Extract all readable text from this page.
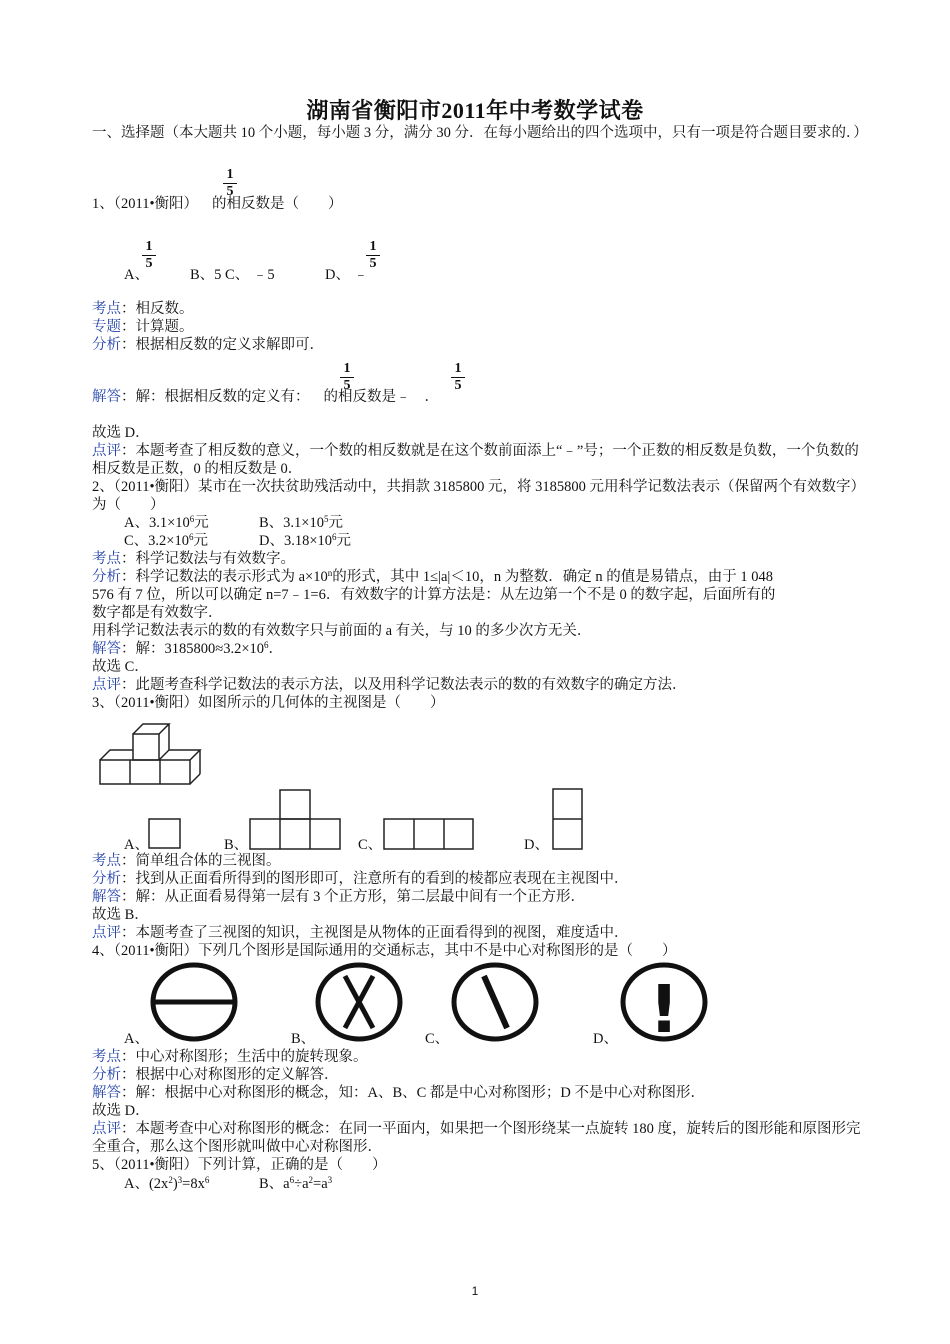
湖南省衡阳市2011年中考数学试卷
一、选择题（本大题共 10 个小题，每小题 3 分，满分 30 分．在每小题给出的四个选项中，只有一项是符合题目要求的．）
1
5
1、（2011•衡阳） 的相反数是（　　）
1
5
A、	B、5 C、 ﹣5	D、 ﹣
1
5
考点：相反数。
专题：计算题。
分析：根据相反数的定义求解即可．
1
5
1
5
解答：解：根据相反数的定义有： 的相反数是﹣ ．
故选 D．
点评：本题考查了相反数的意义，一个数的相反数就是在这个数前面添上“﹣”号；一个正数的相反数是负数，一个负数的相反数是正数，0 的相反数是 0．
2、（2011•衡阳）某市在一次扶贫助残活动中，共捐款 3185800 元，将 3185800 元用科学记数法表示（保留两个有效数字）为（　　）
A、$3.1\times 10^6$元	B、$3.1\times 10^5$元
C、$3.2\times 10^6$元	D、$3.18\times 10^6$元
考点：科学记数法与有效数字。
分析：科学记数法的表示形式为 $a\times 10^n$的形式，其中 1≤|a|＜10，n 为整数．确定 n 的值是易错点，由于 1 048
576 有 7 位，所以可以确定 n=7﹣1=6．有效数字的计算方法是：从左边第一个不是 0 的数字起，后面所有的
数字都是有效数字．
用科学记数法表示的数的有效数字只与前面的 a 有关，与 10 的多少次方无关．
解答：解：$3185800\approx 3.2\times 10^6$．
故选 C．
点评：此题考查科学记数法的表示方法，以及用科学记数法表示的数的有效数字的确定方法．
3、（2011•衡阳）如图所示的几何体的主视图是（　　）
A、	B、	C、	D、
考点：简单组合体的三视图。
分析：找到从正面看所得到的图形即可，注意所有的看到的棱都应表现在主视图中．
解答：解：从正面看易得第一层有 3 个正方形，第二层最中间有一个正方形．
故选 B．
点评：本题考查了三视图的知识，主视图是从物体的正面看得到的视图，难度适中．
4、（2011•衡阳）下列几个图形是国际通用的交通标志，其中不是中心对称图形的是（　　）
A、	B、	C、	D、 !
考点：中心对称图形；生活中的旋转现象。
分析：根据中心对称图形的定义解答．
解答：解：根据中心对称图形的概念，知：A、B、C 都是中心对称图形；D 不是中心对称图形．
故选 D．
点评：本题考查中心对称图形的概念：在同一平面内，如果把一个图形绕某一点旋转 180 度，旋转后的图形能和原图形完全重合，那么这个图形就叫做中心对称图形．
5、（2011•衡阳）下列计算，正确的是（　　）
A、$(2x^2)^3=8x^6$	B、$a^6\div a^2=a^3$
1
